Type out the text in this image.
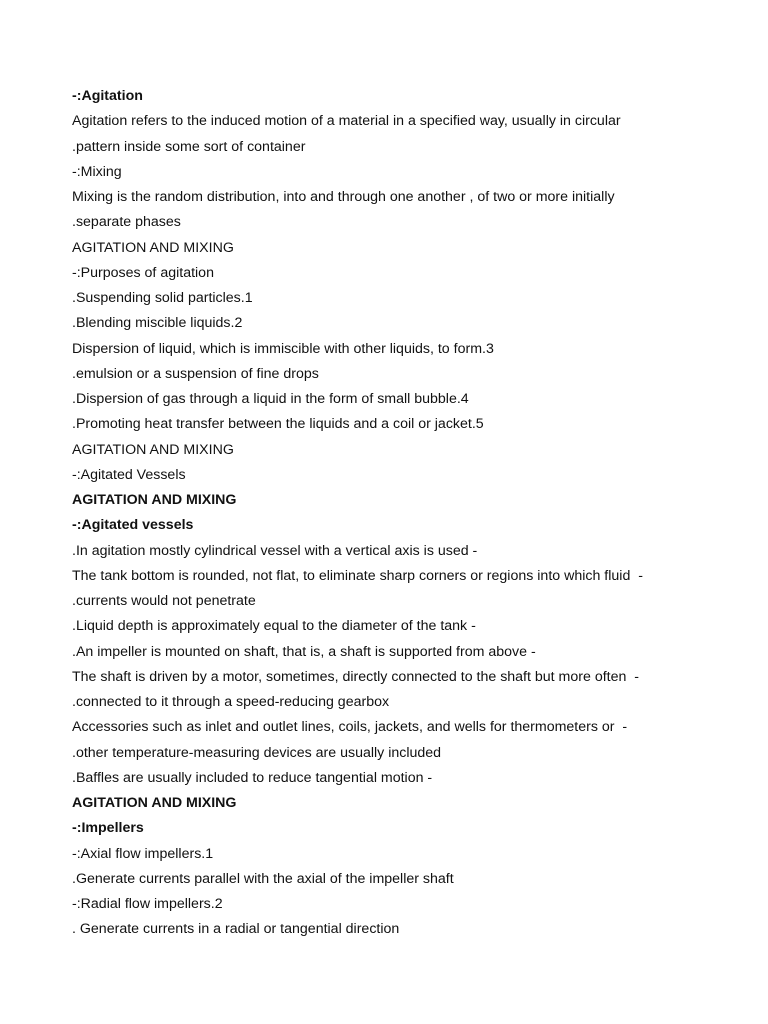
-:Agitation
Agitation refers to the induced motion of a material in a specified way, usually in circular
.pattern inside some sort of container
-:Mixing
Mixing is the random distribution, into and through one another , of two or more initially
.separate phases
AGITATION AND MIXING
-:Purposes of agitation
.Suspending solid particles.1
.Blending miscible liquids.2
Dispersion of liquid, which is immiscible with other liquids, to form.3
.emulsion or a suspension of fine drops
.Dispersion of gas through a liquid in the form of small bubble.4
.Promoting heat transfer between the liquids and a coil or jacket.5
AGITATION AND MIXING
-:Agitated Vessels
AGITATION AND MIXING
-:Agitated vessels
.In agitation mostly cylindrical vessel with a vertical axis is used -
The tank bottom is rounded, not flat, to eliminate sharp corners or regions into which fluid  -
.currents would not penetrate
.Liquid depth is approximately equal to the diameter of the tank -
.An impeller is mounted on shaft, that is, a shaft is supported from above -
The shaft is driven by a motor, sometimes, directly connected to the shaft but more often  -
.connected to it through a speed-reducing gearbox
Accessories such as inlet and outlet lines, coils, jackets, and wells for thermometers or  -
.other temperature-measuring devices are usually included
.Baffles are usually included to reduce tangential motion -
AGITATION AND MIXING
-:Impellers
-:Axial flow impellers.1
.Generate currents parallel with the axial of the impeller shaft
-:Radial flow impellers.2
. Generate currents in a radial or tangential direction
